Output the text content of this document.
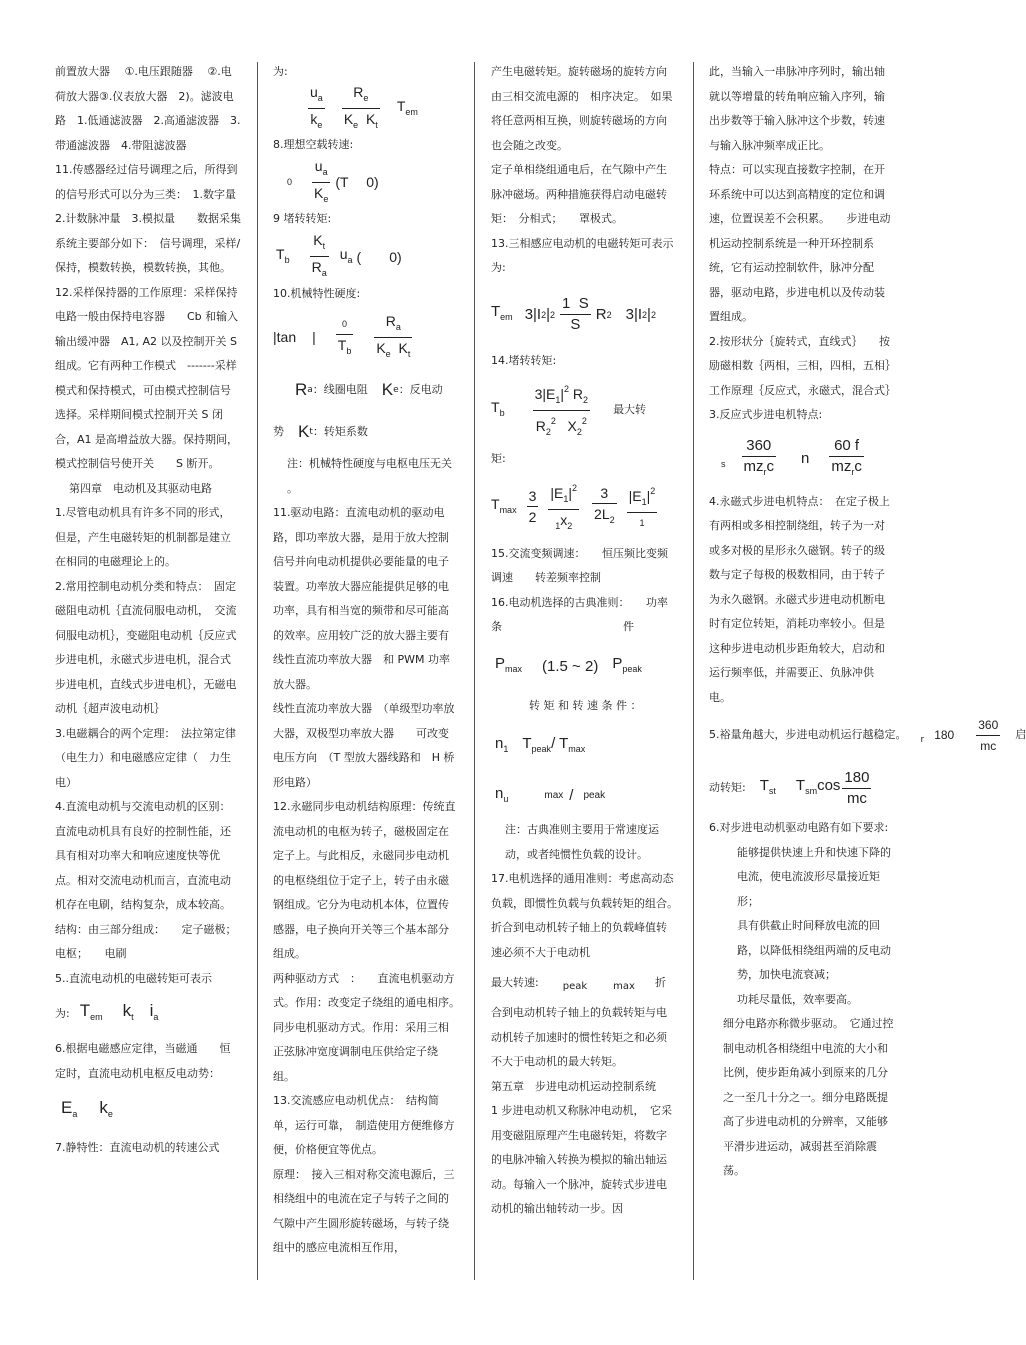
前置放大器　 ①.电压跟随器　 ②.电荷放大器③.仪表放大器　2)。滤波电路　1.低通滤波器　2.高通滤波器　3.带通滤波器　4.带阻滤波器

11.传感器经过信号调理之后，所得到的信号形式可以分为三类：　1.数字量　2.计数脉冲量　3.模拟量　　数据采集系统主要部分如下：　信号调理，采样/保持，模数转换，模数转换，其他。

12.采样保持器的工作原理：采样保持电路一般由保持电容器　　Cb 和输入输出缓冲器　A1, A2 以及控制开关 S 组成。它有两种工作模式　-------采样模式和保持模式，可由模式控制信号选择。采样期间模式控制开关 S 闭合，A1 是高增益放大器。保持期间，模式控制信号使开关　　S 断开。

第四章　电动机及其驱动电路

1.尽管电动机具有许多不同的形式，但是，产生电磁转矩的机制都是建立在相同的电磁理论上的。

2.常用控制电动机分类和特点：　固定磁阻电动机｛直流伺服电动机，　交流伺服电动机｝，变磁阻电动机｛反应式步进电机，永磁式步进电机，混合式步进电机，直线式步进电机｝，无磁电动机｛超声波电动机｝

3.电磁耦合的两个定理：　法拉第定律（电生力）和电磁感应定律（　力生电）

4.直流电动机与交流电动机的区别：直流电动机具有良好的控制性能，还具有相对功率大和响应速度快等优点。相对交流电动机而言，直流电动机存在电刷，结构复杂，成本较高。

结构：由三部分组成：　　定子磁极；　电枢；　　电刷

5..直流电动机的电磁转矩可表示

为: $T_{em}$ $k_t$ $i_a$

6.根据电磁感应定律，当磁通　　恒定时，直流电动机电枢反电动势：

$E_a$ $k_e$

7.静特性：直流电动机的转速公式

为:

$\frac{u_a}{k_e} \frac{R_e}{K_e K_t} T_{em}$

8.理想空载转速:

$0 \frac{u_a}{K_e} (T$　 0)

9 堵转转矩:

$T_b \frac{K_t}{R_a} u_a$ (　　0)

10.机械特性硬度:

|tan | $\frac{0}{T_b} \frac{R_a}{K_e K_t}$
R a ：线圈电阻 K e ：反电动
势 K t ：转矩系数

注：机械特性硬度与电枢电压无关 。

11.驱动电路：直流电动机的驱动电路，即功率放大器，是用于放大控制信号并向电动机提供必要能量的电子装置。功率放大器应能提供足够的电功率，具有相当宽的频带和尽可能高的效率。应用较广泛的放大器主要有 线性直流功率放大器　和 PWM 功率放大器。

线性直流功率放大器　（单级型功率放大器，双极型功率放大器　　可改变电压方向　（T 型放大器线路和　H 桥形电路）

12.永磁同步电动机结构原理：传统直流电动机的电枢为转子，磁极固定在定子上。与此相反，永磁同步电动机的电枢绕组位于定子上，转子由永磁钢组成。它分为电动机本体，位置传感器，电子换向开关等三个基本部分组成。

两种驱动方式　：　　直流电机驱动方式。作用：改变定子绕组的通电相序。　同步电机驱动方式。作用：采用三相正弦脉冲宽度调制电压供给定子绕组。

13.交流感应电动机优点：　结构简单，运行可靠，　制造使用方便维修方便，价格便宜等优点。

原理：　接入三相对称交流电源后，三相绕组中的电流在定子与转子之间的气隙中产生圆形旋转磁场，与转子绕组中的感应电流相互作用，

产生电磁转矩。旋转磁场的旋转方向由三相交流电源的　相序决定。　如果将任意两相互换，则旋转磁场的方向也会随之改变。

定子单相绕组通电后，在气隙中产生脉冲磁场。两种措施获得启动电磁转矩：　分相式；　　罩极式。

13.三相感应电动机的电磁转矩可表示为:

$T_{em}$ 3 |I 2 | $2 \frac{1 S}{S}$ R 2 3 |I 2 | 2

14.堵转转矩:

$T_b \frac{3|E_1|^2 R_2}{R_2^2 X_2^2}$ 最大转

矩:

$T_{max} \frac{3}{2} \frac{|E_1|^2}{_1x_2} \frac{3}{2L_2} \frac{|E_1|^2}{1}$

15.交流变频调速：　　恒压频比变频调速　　转差频率控制

16.电动机选择的古典准则：　　功率条　　　　　　　　　　　件

$P_{max}$ (1.5 ~ 2) $P_{peak}$

转 矩 和 转 速 条 件 ：

$n_1$ $T_{peak} / T_{max}$
$n_u$	max / peak

注：古典准则主要用于常速度运动，或者纯惯性负载的设计。

17.电机选择的通用准则：考虑高动态负载，即惯性负载与负载转矩的组合。　折合到电动机转子轴上的负载峰值转速必须不大于电动机

最大转速: peak	max 折

合到电动机转子轴上的负载转矩与电动机转子加速时的惯性转矩之和必须不大于电动机的最大转矩。

第五章　步进电动机运动控制系统

1 步进电动机又称脉冲电动机，　它采用变磁阻原理产生电磁转矩，将数字的电脉冲输入转换为模拟的输出轴运动。每输入一个脉冲，旋转式步进电动机的输出轴转动一步。因

此，当输入一串脉冲序列时，输出轴就以等增量的转角响应输入序列，输出步数等于输入脉冲这个步数，转速与输入脉冲频率成正比。

特点：可以实现直接数字控制，在开环系统中可以达到高精度的定位和调速，位置误差不会积累。　　步进电动机运动控制系统是一种开环控制系统，它有运动控制软件，脉冲分配器，驱动电路，步进电机以及传动装置组成。

2.按形状分｛旋转式，直线式｝　　按励磁相数｛两相，三相，四相，五相｝工作原理｛反应式，永磁式，混合式｝

3.反应式步进电机特点:

s $\frac{360}{mz_rc}$ n $\frac{60 f}{mz_rc}$

4.永磁式步进电机特点：　在定子极上有两相或多相控制绕组，转子为一对或多对极的星形永久磁钢。转子的级数与定子每极的极数相同，由于转子为永久磁钢。永磁式步进电动机断电时有定位转矩，消耗功率较小。但是这种步进电动机步距角较大，启动和运行频率低，并需要正、负脉冲供电。

5.裕量角越大，步进电动机运行越稳定。 r $180 \frac{360}{mc}$ 启
动转矩: $T_{st}$ $T_{sm}\cos \frac{180}{mc}$

6.对步进电动机驱动电路有如下要求:

能够提供快速上升和快速下降的电流，使电流波形尽量接近矩形；

具有供截止时间释放电流的回路，以降低相绕组两端的反电动势，加快电流衰减；

功耗尽量低，效率要高。

细分电路亦称微步驱动。　它通过控制电动机各相绕组中电流的大小和比例，使步距角减小到原来的几分之一至几十分之一。细分电路既提高了步进电动机的分辨率，又能够平滑步进运动，减弱甚至消除震荡。
